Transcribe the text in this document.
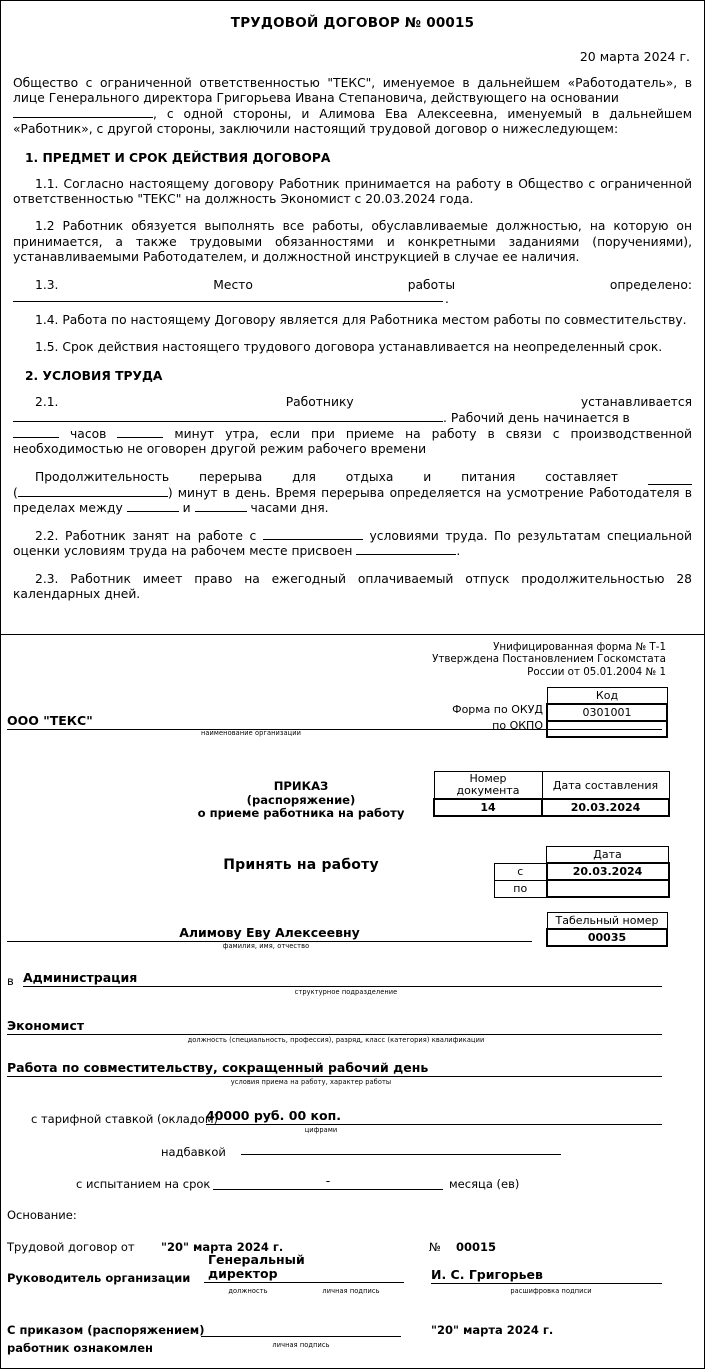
ТРУДОВОЙ ДОГОВОР № 00015
20 марта 2024 г.
Общество с ограниченной ответственностью "ТЕКС", именуемое в дальнейшем «Работодатель», в лице Генерального директора Григорьева Ивана Степановича, действующего на основании
, с одной стороны, и Алимова Ева Алексеевна, именуемый в дальнейшем «Работник», с другой стороны, заключили настоящий трудовой договор о нижеследующем:
1. ПРЕДМЕТ И СРОК ДЕЙСТВИЯ ДОГОВОРА
1.1. Согласно настоящему договору Работник принимается на работу в Общество с ограниченной ответственностью "ТЕКС" на должность Экономист с 20.03.2024 года.
1.2 Работник обязуется выполнять все работы, обуславливаемые должностью, на которую он принимается, а также трудовыми обязанностями и конкретными заданиями (поручениями), устанавливаемыми Работодателем, и должностной инструкцией в случае ее наличия.
1.3.	Место	работы	определено:
.
1.4. Работа по настоящему Договору является для Работника местом работы по совместительству.
1.5. Срок действия настоящего трудового договора устанавливается на неопределенный срок.
2. УСЛОВИЯ ТРУДА
2.1.	Работнику	устанавливается
. Рабочий день начинается в
часов	минут утра, если при приеме на работу в связи с производственной необходимостью не оговорен другой режим рабочего времени
Продолжительность перерыва для отдыха и питания составляет
(	) минут в день. Время перерыва определяется на усмотрение Работодателя в пределах между	и	часами дня.
2.2. Работник занят на работе с	условиями труда. По результатам специальной оценки условиям труда на рабочем месте присвоен	.
2.3. Работник имеет право на ежегодный оплачиваемый отпуск продолжительностью 28 календарных дней.
Унифицированная форма № Т-1
Утверждена Постановлением Госкомстата
России от 05.01.2004 № 1
Форма по ОКУД
по ОКПО
Код
0301001

ООО "ТЕКС"
наименование организации
ПРИКАЗ
(распоряжение)
о приеме работника на работу
Номер
документа	Дата составления
14	20.03.2024
Принять на работу
	Дата
с	20.03.2024
по	
Табельный номер
00035
Алимову Еву Алексеевну
фамилия, имя, отчество
в Администрация
структурное подразделение
Экономист
должность (специальность, профессия), разряд, класс (категория) квалификации
Работа по совместительству, сокращенный рабочий день
условия приема на работу, характер работы
с тарифной ставкой (окладом)
40000 руб. 00 коп.
цифрами
надбавкой
с испытанием на срок	-	месяца (ев)
Основание:
Трудовой договор от "20" марта 2024 г.	№ 00015
Руководитель организации
Генеральный
директор
должность	личная подпись
И. С. Григорьев
расшифровка подписи
С приказом (распоряжением)
работник ознакомлен	личная подпись
"20" марта 2024 г.
